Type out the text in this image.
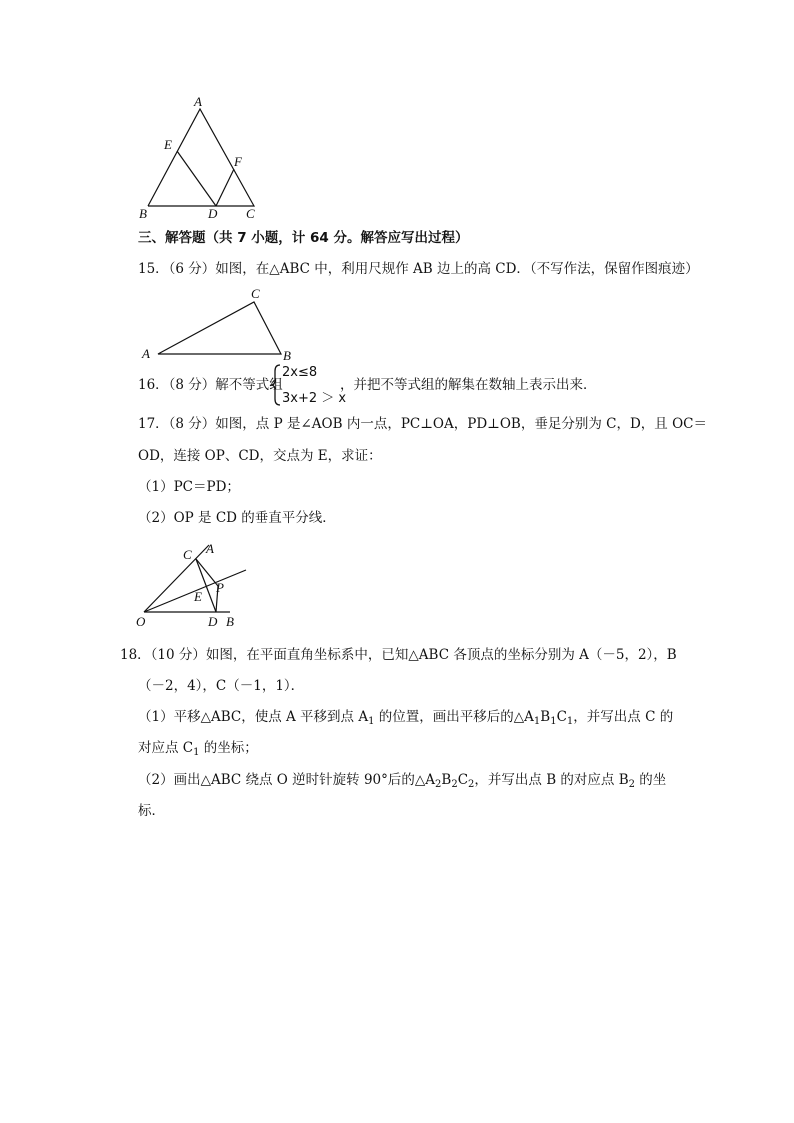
A
E
F
B	D C
三、解答题（共 7 小题，计 64 分。解答应写出过程）
15．（6 分）如图，在△ABC 中，利用尺规作 AB 边上的高 CD．（不写作法，保留作图痕迹）
A
C
B
16．（8 分）解不等式组
2x≤8
3x+2 ＞ x
，并把不等式组的解集在数轴上表示出来．
17．（8 分）如图，点 P 是∠AOB 内一点，PC⊥OA，PD⊥OB，垂足分别为 C，D，且 OC＝
OD，连接 OP、CD，交点为 E，求证：
（1）PC＝PD；
（2）OP 是 CD 的垂直平分线．
C A
P
E
O	D B
18．（10 分）如图，在平面直角坐标系中，已知△ABC 各顶点的坐标分别为 A（－5，2），B
（－2，4），C（－1，1）．
（1）平移△ABC，使点 A 平移到点 $A_1$ 的位置，画出平移后的$\triangle A_1B_1C_1$，并写出点 C 的
对应点 $C_1$ 的坐标；
（2）画出△ABC 绕点 O 逆时针旋转 90°后的$\triangle A_2B_2C_2$，并写出点 B 的对应点 $B_2$ 的坐
标．
